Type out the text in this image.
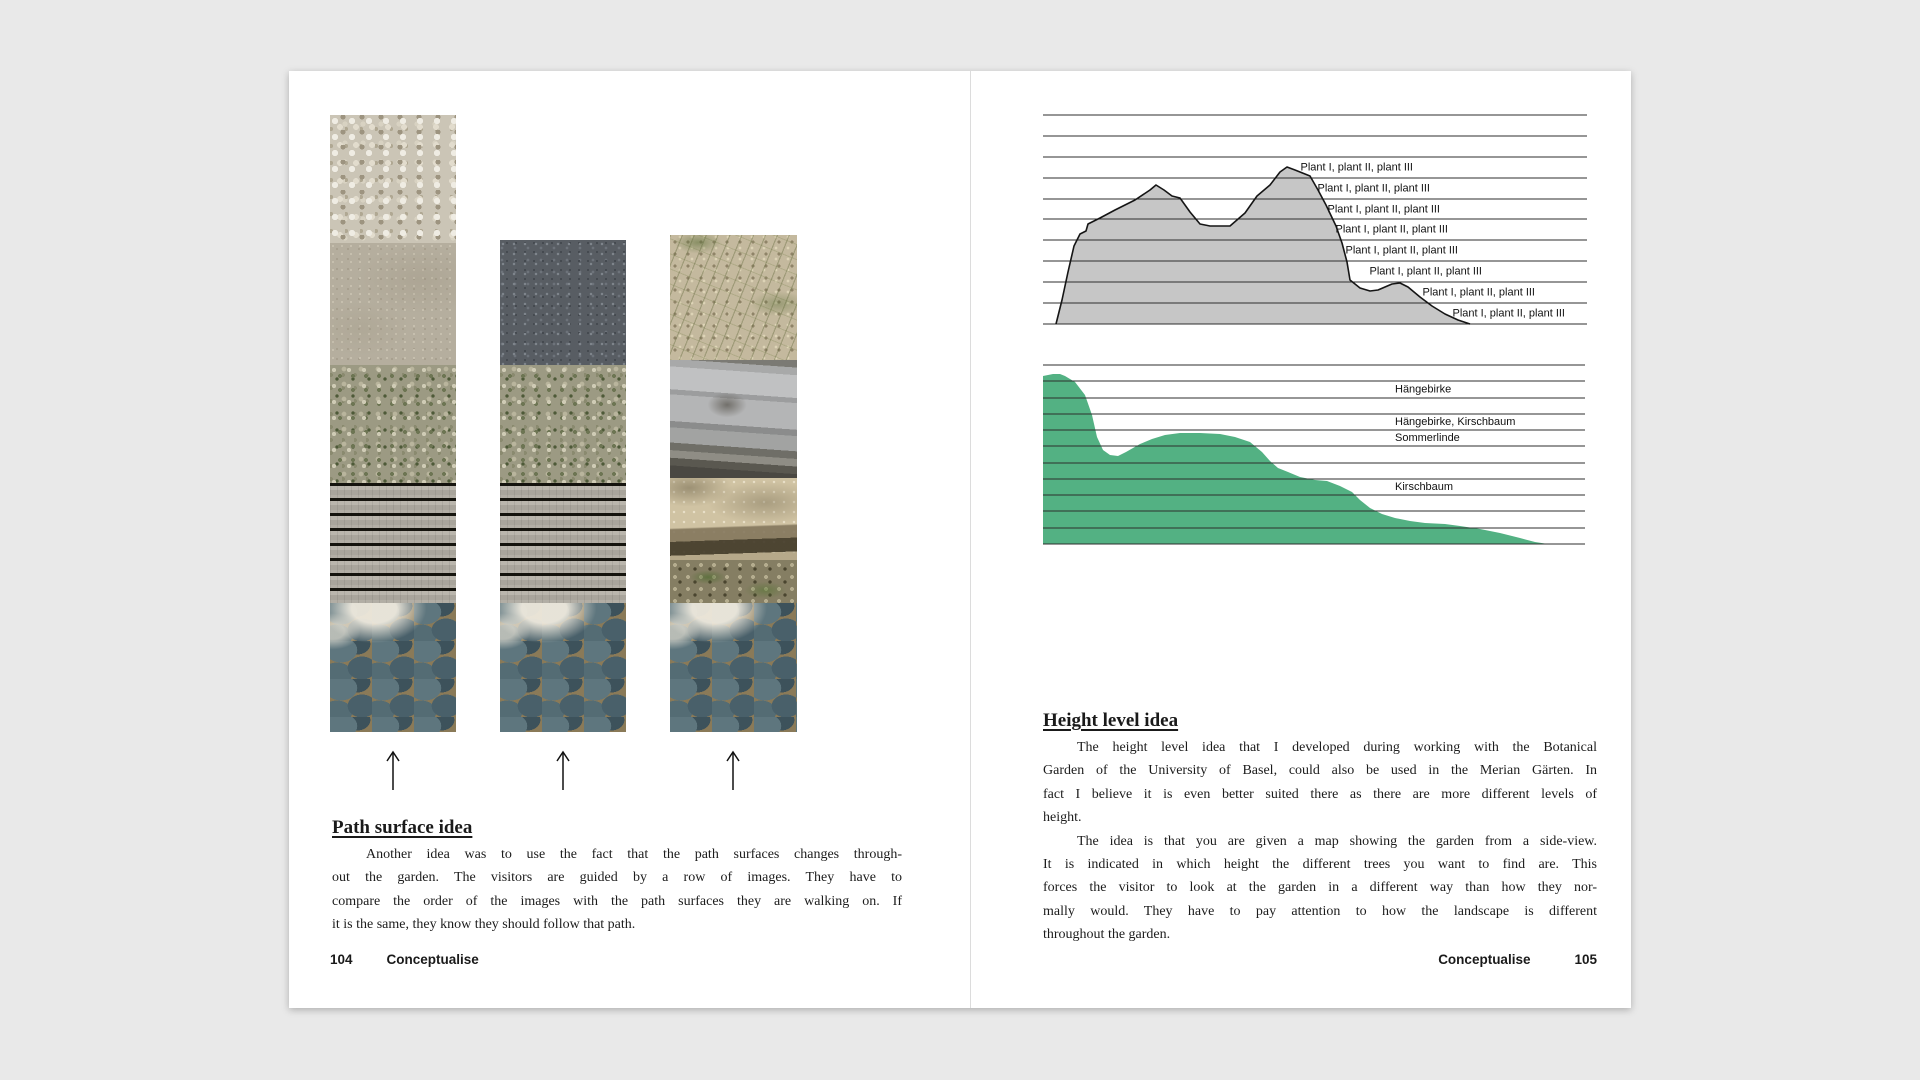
Path surface idea
Another idea was to use the fact that the path surfaces changes through-
out the garden. The visitors are guided by a row of images. They have to
compare the order of the images with the path surfaces they are walking on. If
it is the same, they know they should follow that path.
104	Conceptualise
Plant I, plant II, plant III
Plant I, plant II, plant III
Plant I, plant II, plant III
Plant I, plant II, plant III
Plant I, plant II, plant III
Plant I, plant II, plant III
Plant I, plant II, plant III
Plant I, plant II, plant III
Hängebirke
Hängebirke, Kirschbaum
Sommerlinde
Kirschbaum
Height level idea
The height level idea that I developed during working with the Botanical
Garden of the University of Basel, could also be used in the Merian Gärten. In
fact I believe it is even better suited there as there are more different levels of
height.
The idea is that you are given a map showing the garden from a side-view.
It is indicated in which height the different trees you want to find are. This
forces the visitor to look at the garden in a different way than how they nor-
mally would. They have to pay attention to how the landscape is different
throughout the garden.
Conceptualise	105
